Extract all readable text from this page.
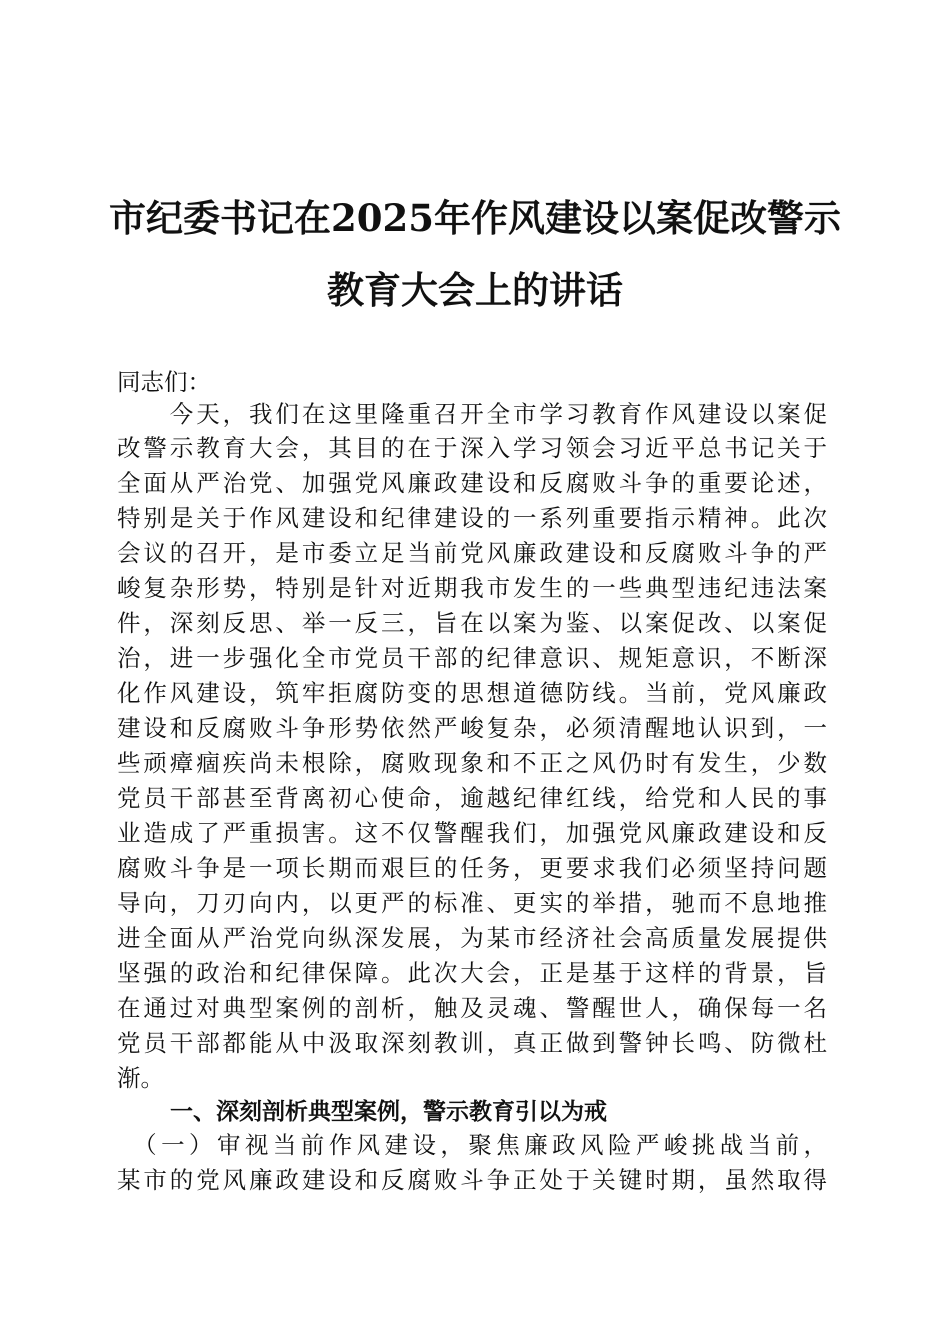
市纪委书记在2025年作风建设以案促改警示
教育大会上的讲话
同志们：
　　今天，我们在这里隆重召开全市学习教育作风建设以案促
改警示教育大会，其目的在于深入学习领会习近平总书记关于
全面从严治党、加强党风廉政建设和反腐败斗争的重要论述，
特别是关于作风建设和纪律建设的一系列重要指示精神。此次
会议的召开，是市委立足当前党风廉政建设和反腐败斗争的严
峻复杂形势，特别是针对近期我市发生的一些典型违纪违法案
件，深刻反思、举一反三，旨在以案为鉴、以案促改、以案促
治，进一步强化全市党员干部的纪律意识、规矩意识，不断深
化作风建设，筑牢拒腐防变的思想道德防线。当前，党风廉政
建设和反腐败斗争形势依然严峻复杂，必须清醒地认识到，一
些顽瘴痼疾尚未根除，腐败现象和不正之风仍时有发生，少数
党员干部甚至背离初心使命，逾越纪律红线，给党和人民的事
业造成了严重损害。这不仅警醒我们，加强党风廉政建设和反
腐败斗争是一项长期而艰巨的任务，更要求我们必须坚持问题
导向，刀刃向内，以更严的标准、更实的举措，驰而不息地推
进全面从严治党向纵深发展，为某市经济社会高质量发展提供
坚强的政治和纪律保障。此次大会，正是基于这样的背景，旨
在通过对典型案例的剖析，触及灵魂、警醒世人，确保每一名
党员干部都能从中汲取深刻教训，真正做到警钟长鸣、防微杜
渐。
一、深刻剖析典型案例，警示教育引以为戒
　（一）审视当前作风建设，聚焦廉政风险严峻挑战当前，
某市的党风廉政建设和反腐败斗争正处于关键时期，虽然取得
